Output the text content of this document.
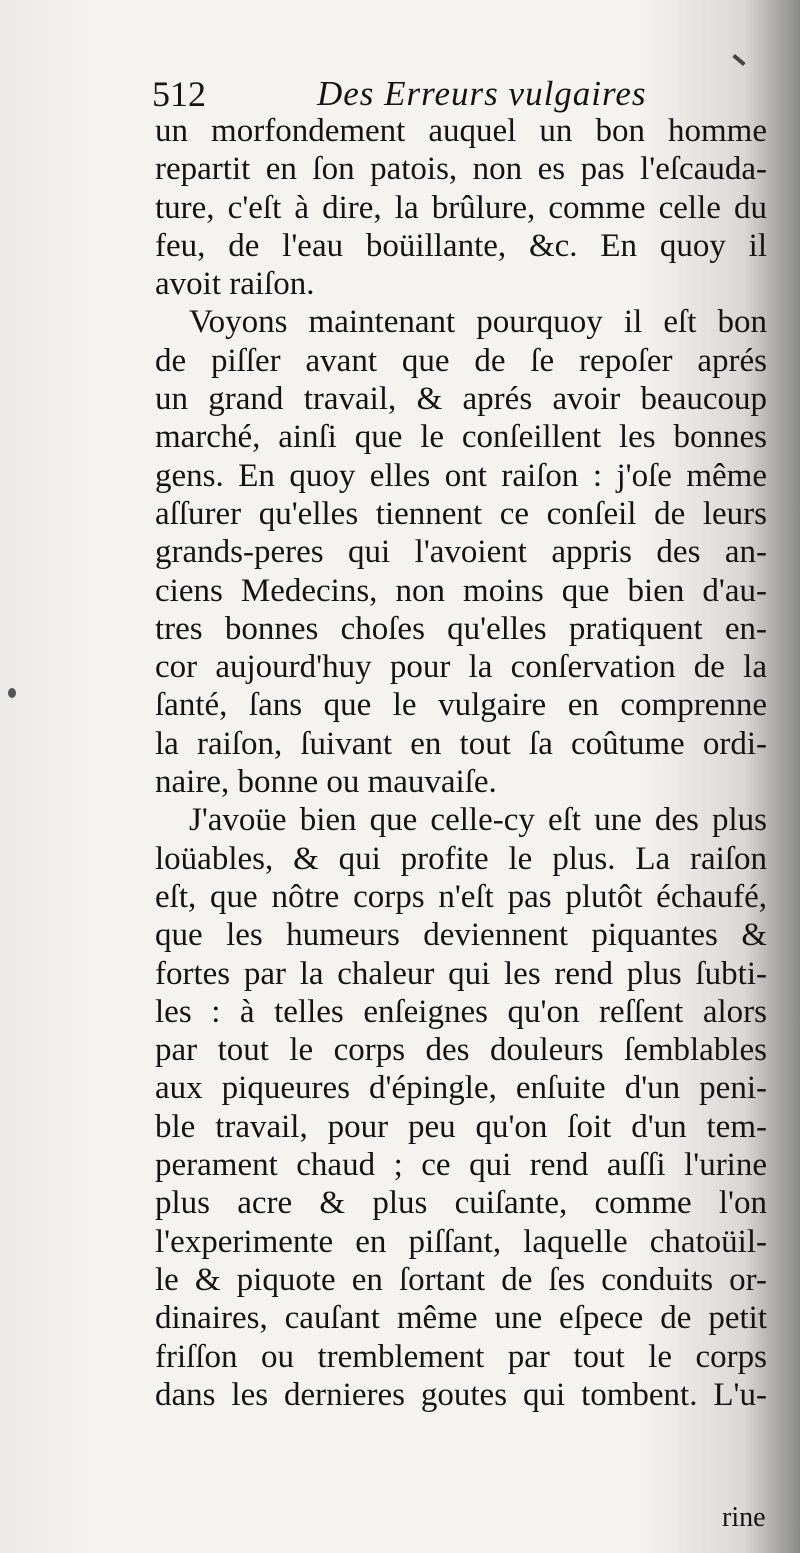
512	Des Erreurs vulgaires
un morfondement auquel un bon homme
repartit en ſon patois, non es pas l'eſcauda-
ture, c'eſt à dire, la brûlure, comme celle du
feu, de l'eau boüillante, &c. En quoy il
avoit raiſon.
Voyons maintenant pourquoy il eſt bon
de piſſer avant que de ſe repoſer aprés
un grand travail, & aprés avoir beaucoup
marché, ainſi que le conſeillent les bonnes
gens. En quoy elles ont raiſon : j'oſe même
aſſurer qu'elles tiennent ce conſeil de leurs
grands-peres qui l'avoient appris des an-
ciens Medecins, non moins que bien d'au-
tres bonnes choſes qu'elles pratiquent en-
cor aujourd'huy pour la conſervation de la
ſanté, ſans que le vulgaire en comprenne
la raiſon, ſuivant en tout ſa coûtume ordi-
naire, bonne ou mauvaiſe.
J'avoüe bien que celle-cy eſt une des plus
loüables, & qui profite le plus. La raiſon
eſt, que nôtre corps n'eſt pas plutôt échaufé,
que les humeurs deviennent piquantes &
fortes par la chaleur qui les rend plus ſubti-
les : à telles enſeignes qu'on reſſent alors
par tout le corps des douleurs ſemblables
aux piqueures d'épingle, enſuite d'un peni-
ble travail, pour peu qu'on ſoit d'un tem-
perament chaud ; ce qui rend auſſi l'urine
plus acre & plus cuiſante, comme l'on
l'experimente en piſſant, laquelle chatoüil-
le & piquote en ſortant de ſes conduits or-
dinaires, cauſant même une eſpece de petit
friſſon ou tremblement par tout le corps
dans les dernieres goutes qui tombent. L'u-
rine
